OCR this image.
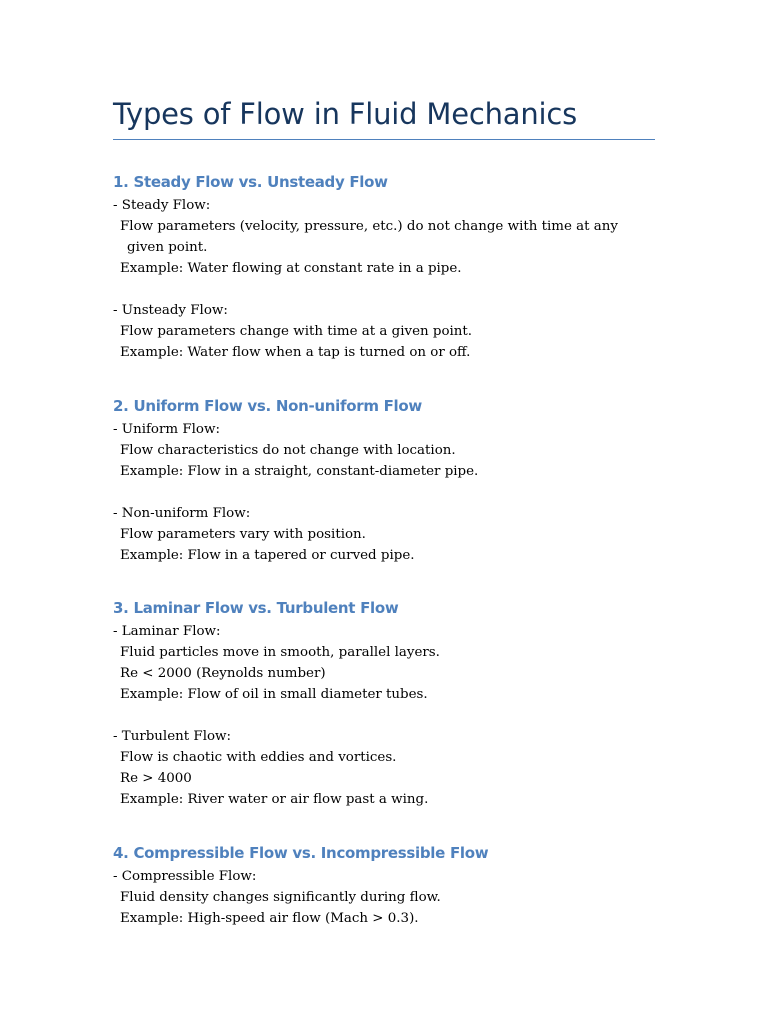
Types of Flow in Fluid Mechanics
1. Steady Flow vs. Unsteady Flow
- Steady Flow:
Flow parameters (velocity, pressure, etc.) do not change with time at any given point.
Example: Water flowing at constant rate in a pipe.
- Unsteady Flow:
Flow parameters change with time at a given point.
Example: Water flow when a tap is turned on or off.
2. Uniform Flow vs. Non-uniform Flow
- Uniform Flow:
Flow characteristics do not change with location.
Example: Flow in a straight, constant-diameter pipe.
- Non-uniform Flow:
Flow parameters vary with position.
Example: Flow in a tapered or curved pipe.
3. Laminar Flow vs. Turbulent Flow
- Laminar Flow:
Fluid particles move in smooth, parallel layers.
Re < 2000 (Reynolds number)
Example: Flow of oil in small diameter tubes.
- Turbulent Flow:
Flow is chaotic with eddies and vortices.
Re > 4000
Example: River water or air flow past a wing.
4. Compressible Flow vs. Incompressible Flow
- Compressible Flow:
Fluid density changes significantly during flow.
Example: High-speed air flow (Mach > 0.3).
